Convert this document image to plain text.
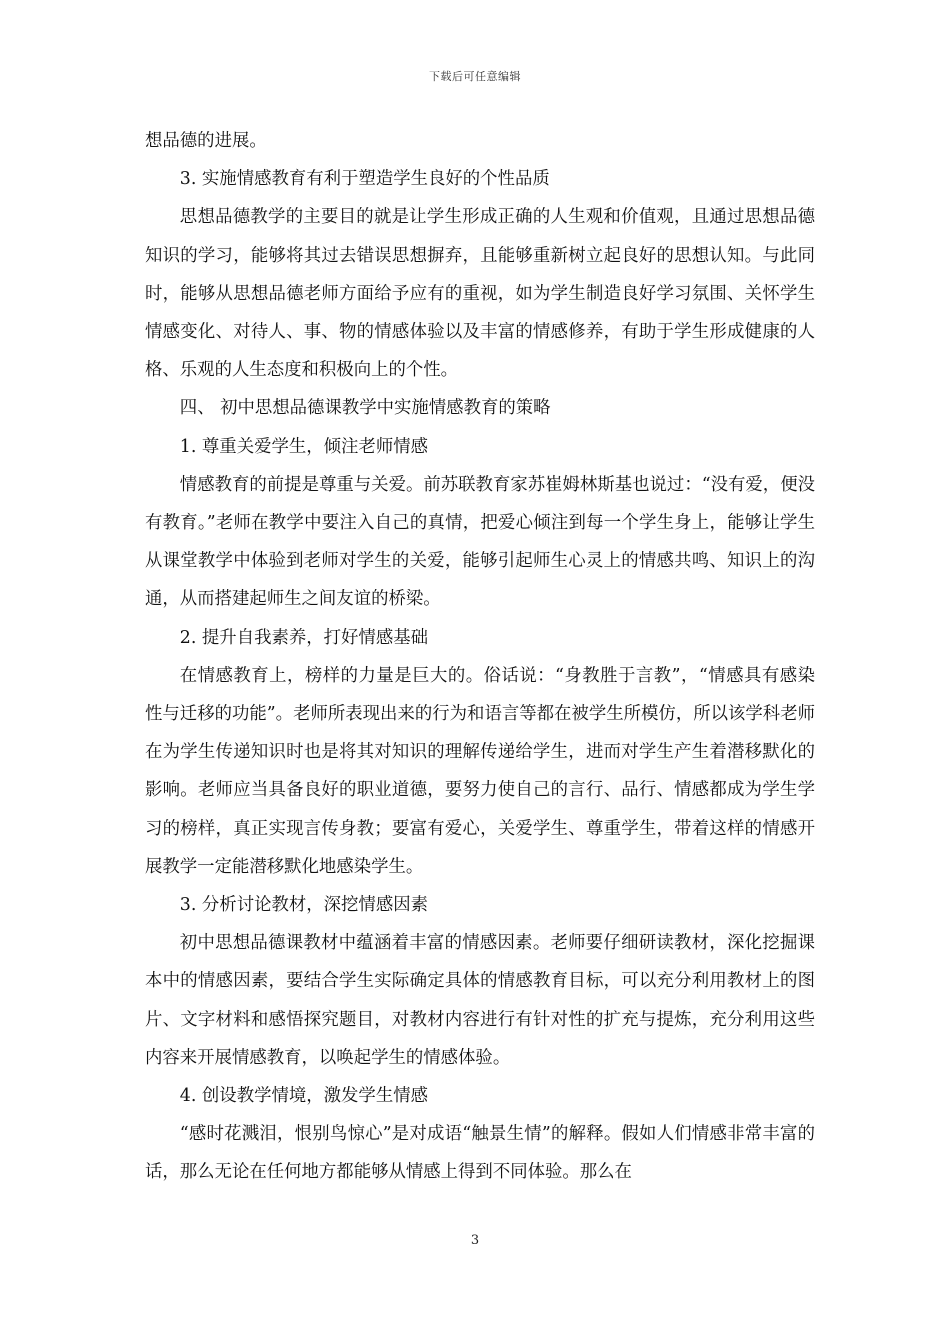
下载后可任意编辑

想品德的进展。

3. 实施情感教育有利于塑造学生良好的个性品质

思想品德教学的主要目的就是让学生形成正确的人生观和价值观，且通过思想品德知识的学习，能够将其过去错误思想摒弃，且能够重新树立起良好的思想认知。与此同时，能够从思想品德老师方面给予应有的重视，如为学生制造良好学习氛围、关怀学生情感变化、对待人、事、物的情感体验以及丰富的情感修养，有助于学生形成健康的人格、乐观的人生态度和积极向上的个性。

四、 初中思想品德课教学中实施情感教育的策略

1. 尊重关爱学生，倾注老师情感

情感教育的前提是尊重与关爱。前苏联教育家苏崔姆林斯基也说过：“没有爱，便没有教育。”老师在教学中要注入自己的真情，把爱心倾注到每一个学生身上，能够让学生从课堂教学中体验到老师对学生的关爱，能够引起师生心灵上的情感共鸣、知识上的沟通，从而搭建起师生之间友谊的桥梁。

2. 提升自我素养，打好情感基础

在情感教育上，榜样的力量是巨大的。俗话说：“身教胜于言教”，“情感具有感染性与迁移的功能”。老师所表现出来的行为和语言等都在被学生所模仿，所以该学科老师在为学生传递知识时也是将其对知识的理解传递给学生，进而对学生产生着潜移默化的影响。老师应当具备良好的职业道德，要努力使自己的言行、品行、情感都成为学生学习的榜样，真正实现言传身教；要富有爱心，关爱学生、尊重学生，带着这样的情感开展教学一定能潜移默化地感染学生。

3. 分析讨论教材，深挖情感因素

初中思想品德课教材中蕴涵着丰富的情感因素。老师要仔细研读教材，深化挖掘课本中的情感因素，要结合学生实际确定具体的情感教育目标，可以充分利用教材上的图片、文字材料和感悟探究题目，对教材内容进行有针对性的扩充与提炼，充分利用这些内容来开展情感教育，以唤起学生的情感体验。

4. 创设教学情境，激发学生情感

“感时花溅泪，恨别鸟惊心”是对成语“触景生情”的解释。假如人们情感非常丰富的话，那么无论在任何地方都能够从情感上得到不同体验。那么在

3
